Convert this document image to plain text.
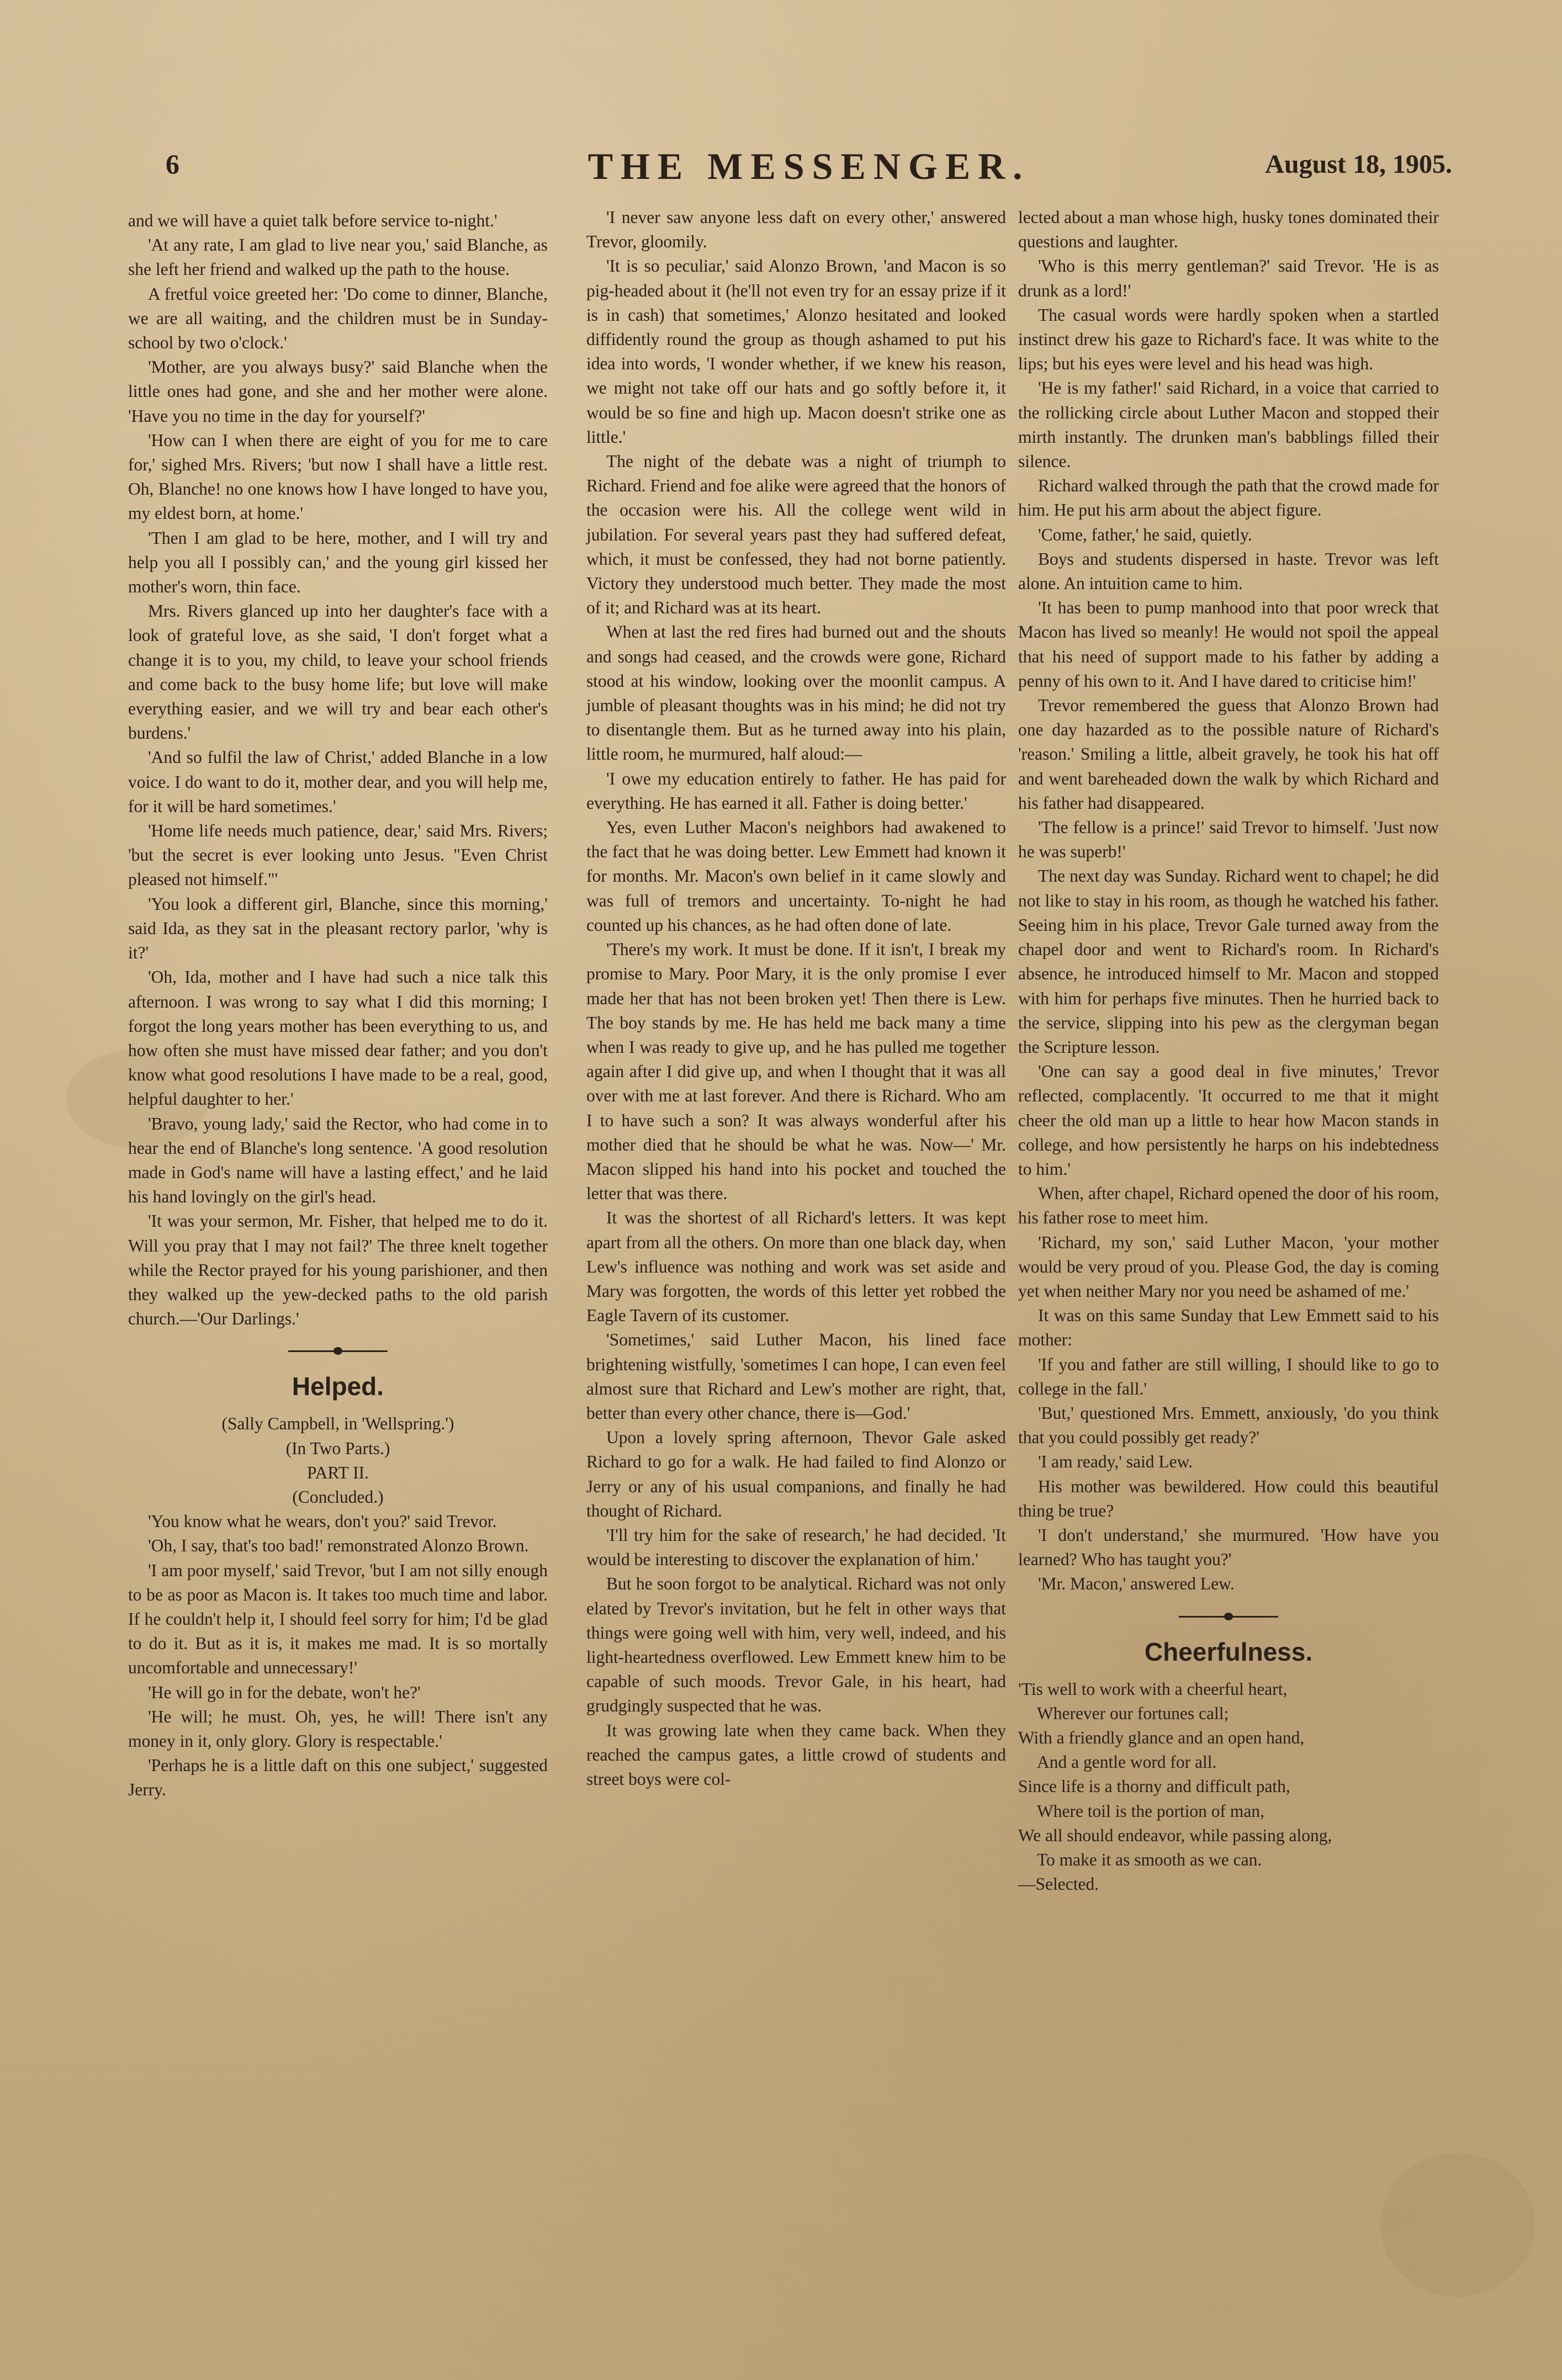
6	THE MESSENGER.	August 18, 1905.

and we will have a quiet talk before service to-night.'

'At any rate, I am glad to live near you,' said Blanche, as she left her friend and walked up the path to the house.

A fretful voice greeted her: 'Do come to dinner, Blanche, we are all waiting, and the children must be in Sunday-school by two o'clock.'

'Mother, are you always busy?' said Blanche when the little ones had gone, and she and her mother were alone. 'Have you no time in the day for yourself?'

'How can I when there are eight of you for me to care for,' sighed Mrs. Rivers; 'but now I shall have a little rest. Oh, Blanche! no one knows how I have longed to have you, my eldest born, at home.'

'Then I am glad to be here, mother, and I will try and help you all I possibly can,' and the young girl kissed her mother's worn, thin face.

Mrs. Rivers glanced up into her daughter's face with a look of grateful love, as she said, 'I don't forget what a change it is to you, my child, to leave your school friends and come back to the busy home life; but love will make everything easier, and we will try and bear each other's burdens.'

'And so fulfil the law of Christ,' added Blanche in a low voice. I do want to do it, mother dear, and you will help me, for it will be hard sometimes.'

'Home life needs much patience, dear,' said Mrs. Rivers; 'but the secret is ever looking unto Jesus. "Even Christ pleased not himself."'

'You look a different girl, Blanche, since this morning,' said Ida, as they sat in the pleasant rectory parlor, 'why is it?'

'Oh, Ida, mother and I have had such a nice talk this afternoon. I was wrong to say what I did this morning; I forgot the long years mother has been everything to us, and how often she must have missed dear father; and you don't know what good resolutions I have made to be a real, good, helpful daughter to her.'

'Bravo, young lady,' said the Rector, who had come in to hear the end of Blanche's long sentence. 'A good resolution made in God's name will have a lasting effect,' and he laid his hand lovingly on the girl's head.

'It was your sermon, Mr. Fisher, that helped me to do it. Will you pray that I may not fail?' The three knelt together while the Rector prayed for his young parishioner, and then they walked up the yew-decked paths to the old parish church.—'Our Darlings.'

Helped.

(Sally Campbell, in 'Wellspring.')

(In Two Parts.)

PART II.

(Concluded.)

'You know what he wears, don't you?' said Trevor.

'Oh, I say, that's too bad!' remonstrated Alonzo Brown.

'I am poor myself,' said Trevor, 'but I am not silly enough to be as poor as Macon is. It takes too much time and labor. If he couldn't help it, I should feel sorry for him; I'd be glad to do it. But as it is, it makes me mad. It is so mortally uncomfortable and unnecessary!'

'He will go in for the debate, won't he?'

'He will; he must. Oh, yes, he will! There isn't any money in it, only glory. Glory is respectable.'

'Perhaps he is a little daft on this one subject,' suggested Jerry.

'I never saw anyone less daft on every other,' answered Trevor, gloomily.

'It is so peculiar,' said Alonzo Brown, 'and Macon is so pig-headed about it (he'll not even try for an essay prize if it is in cash) that sometimes,' Alonzo hesitated and looked diffidently round the group as though ashamed to put his idea into words, 'I wonder whether, if we knew his reason, we might not take off our hats and go softly before it, it would be so fine and high up. Macon doesn't strike one as little.'

The night of the debate was a night of triumph to Richard. Friend and foe alike were agreed that the honors of the occasion were his. All the college went wild in jubilation. For several years past they had suffered defeat, which, it must be confessed, they had not borne patiently. Victory they understood much better. They made the most of it; and Richard was at its heart.

When at last the red fires had burned out and the shouts and songs had ceased, and the crowds were gone, Richard stood at his window, looking over the moonlit campus. A jumble of pleasant thoughts was in his mind; he did not try to disentangle them. But as he turned away into his plain, little room, he murmured, half aloud:—

'I owe my education entirely to father. He has paid for everything. He has earned it all. Father is doing better.'

Yes, even Luther Macon's neighbors had awakened to the fact that he was doing better. Lew Emmett had known it for months. Mr. Macon's own belief in it came slowly and was full of tremors and uncertainty. To-night he had counted up his chances, as he had often done of late.

'There's my work. It must be done. If it isn't, I break my promise to Mary. Poor Mary, it is the only promise I ever made her that has not been broken yet! Then there is Lew. The boy stands by me. He has held me back many a time when I was ready to give up, and he has pulled me together again after I did give up, and when I thought that it was all over with me at last forever. And there is Richard. Who am I to have such a son? It was always wonderful after his mother died that he should be what he was. Now—' Mr. Macon slipped his hand into his pocket and touched the letter that was there.

It was the shortest of all Richard's letters. It was kept apart from all the others. On more than one black day, when Lew's influence was nothing and work was set aside and Mary was forgotten, the words of this letter yet robbed the Eagle Tavern of its customer.

'Sometimes,' said Luther Macon, his lined face brightening wistfully, 'sometimes I can hope, I can even feel almost sure that Richard and Lew's mother are right, that, better than every other chance, there is—God.'

Upon a lovely spring afternoon, Thevor Gale asked Richard to go for a walk. He had failed to find Alonzo or Jerry or any of his usual companions, and finally he had thought of Richard.

'I'll try him for the sake of research,' he had decided. 'It would be interesting to discover the explanation of him.'

But he soon forgot to be analytical. Richard was not only elated by Trevor's invitation, but he felt in other ways that things were going well with him, very well, indeed, and his light-heartedness overflowed. Lew Emmett knew him to be capable of such moods. Trevor Gale, in his heart, had grudgingly suspected that he was.

It was growing late when they came back. When they reached the campus gates, a little crowd of students and street boys were col-

lected about a man whose high, husky tones dominated their questions and laughter.

'Who is this merry gentleman?' said Trevor. 'He is as drunk as a lord!'

The casual words were hardly spoken when a startled instinct drew his gaze to Richard's face. It was white to the lips; but his eyes were level and his head was high.

'He is my father!' said Richard, in a voice that carried to the rollicking circle about Luther Macon and stopped their mirth instantly. The drunken man's babblings filled their silence.

Richard walked through the path that the crowd made for him. He put his arm about the abject figure.

'Come, father,' he said, quietly.

Boys and students dispersed in haste. Trevor was left alone. An intuition came to him.

'It has been to pump manhood into that poor wreck that Macon has lived so meanly! He would not spoil the appeal that his need of support made to his father by adding a penny of his own to it. And I have dared to criticise him!'

Trevor remembered the guess that Alonzo Brown had one day hazarded as to the possible nature of Richard's 'reason.' Smiling a little, albeit gravely, he took his hat off and went bareheaded down the walk by which Richard and his father had disappeared.

'The fellow is a prince!' said Trevor to himself. 'Just now he was superb!'

The next day was Sunday. Richard went to chapel; he did not like to stay in his room, as though he watched his father. Seeing him in his place, Trevor Gale turned away from the chapel door and went to Richard's room. In Richard's absence, he introduced himself to Mr. Macon and stopped with him for perhaps five minutes. Then he hurried back to the service, slipping into his pew as the clergyman began the Scripture lesson.

'One can say a good deal in five minutes,' Trevor reflected, complacently. 'It occurred to me that it might cheer the old man up a little to hear how Macon stands in college, and how persistently he harps on his indebtedness to him.'

When, after chapel, Richard opened the door of his room, his father rose to meet him.

'Richard, my son,' said Luther Macon, 'your mother would be very proud of you. Please God, the day is coming yet when neither Mary nor you need be ashamed of me.'

It was on this same Sunday that Lew Emmett said to his mother:

'If you and father are still willing, I should like to go to college in the fall.'

'But,' questioned Mrs. Emmett, anxiously, 'do you think that you could possibly get ready?'

'I am ready,' said Lew.

His mother was bewildered. How could this beautiful thing be true?

'I don't understand,' she murmured. 'How have you learned? Who has taught you?'

'Mr. Macon,' answered Lew.

Cheerfulness.
'Tis well to work with a cheerful heart,
Wherever our fortunes call;
With a friendly glance and an open hand,
And a gentle word for all.
Since life is a thorny and difficult path,
Where toil is the portion of man,
We all should endeavor, while passing along,
To make it as smooth as we can.
—Selected.
